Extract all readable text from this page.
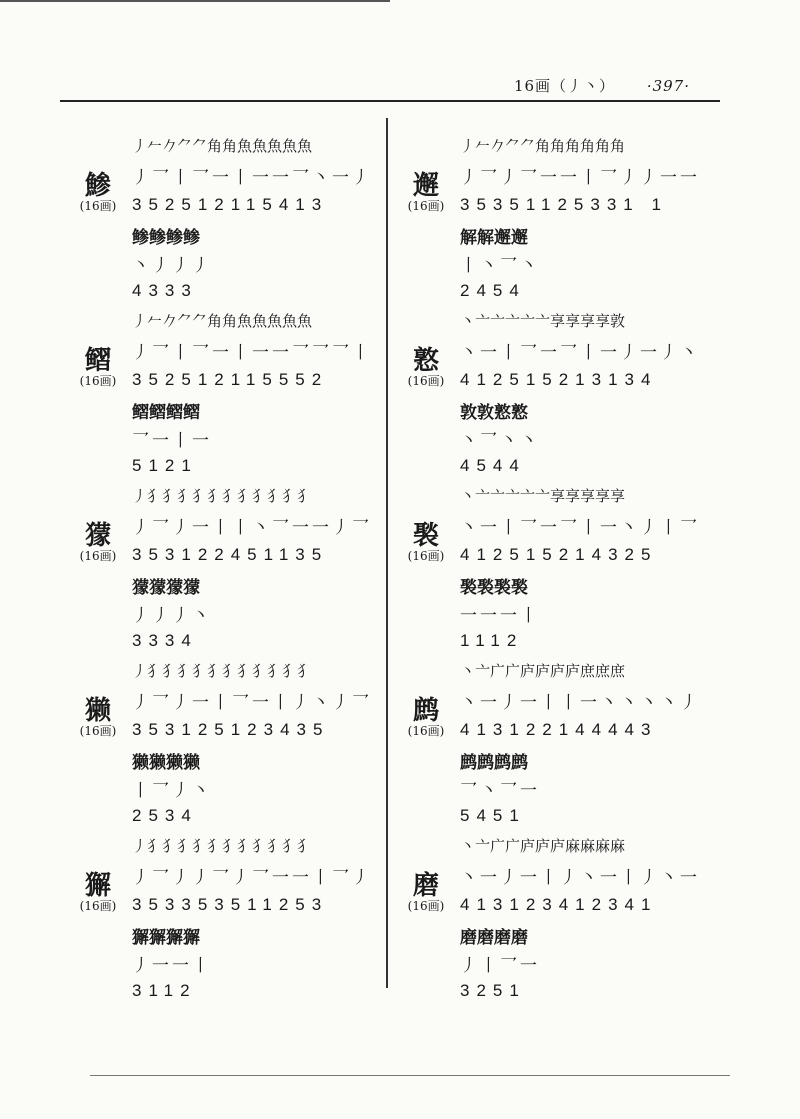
16画（丿丶） ·397·
鯵
(16画)
丿𠂉𠂊⺈⺈角角魚魚魚魚魚
丿乛丨乛一丨一一乛丶一丿
352512115413
鲹鲹鲹鲹
丶丿丿丿
4333
鳛
(16画)
丿𠂉𠂊⺈⺈角角魚魚魚魚魚
丿乛丨乛一丨一一乛乛乛丨
352512115552
鳛鳛鳛鳛
乛一丨一
5121
獴
(16画)
丿犭犭犭犭犭犭犭犭犭犭犭
丿乛丿一丨丨丶乛一一丿乛
353122451135
獴獴獴獴
丿丿丿丶
3334
獭
(16画)
丿犭犭犭犭犭犭犭犭犭犭犭
丿乛丿一丨乛一丨丿丶丿乛
353125123435
獭獭獭獭
丨乛丿丶
2534
獬
(16画)
丿犭犭犭犭犭犭犭犭犭犭犭
丿乛丿丿乛丿乛一一丨乛丿
353353511253
獬獬獬獬
丿一一丨
3112
邂
(16画)
丿𠂉𠂊⺈⺈角角角角角角
丿乛丿乛一一丨乛丿丿一一
35351125331 1
解解邂邂
丨丶乛丶
2454
憝
(16画)
丶亠亠亠亠亠享享享享敦
丶一丨乛一乛丨一丿一丿丶
412515213134
敦敦憝憝
丶乛丶丶
4544
褧
(16画)
丶亠亠亠亠亠享享享享享
丶一丨乛一乛丨一丶丿丨乛
412515214325
褧褧褧褧
一一一丨
1112
鹧
(16画)
丶亠广广庐庐庐庐庶庶庶
丶一丿一丨丨一丶丶丶丶丿
413122144443
鹧鹧鹧鹧
乛丶乛一
5451
磨
(16画)
丶亠广广庐庐庐麻麻麻麻
丶一丿一丨丿丶一丨丿丶一
413123412341
磨磨磨磨
丿丨乛一
3251
